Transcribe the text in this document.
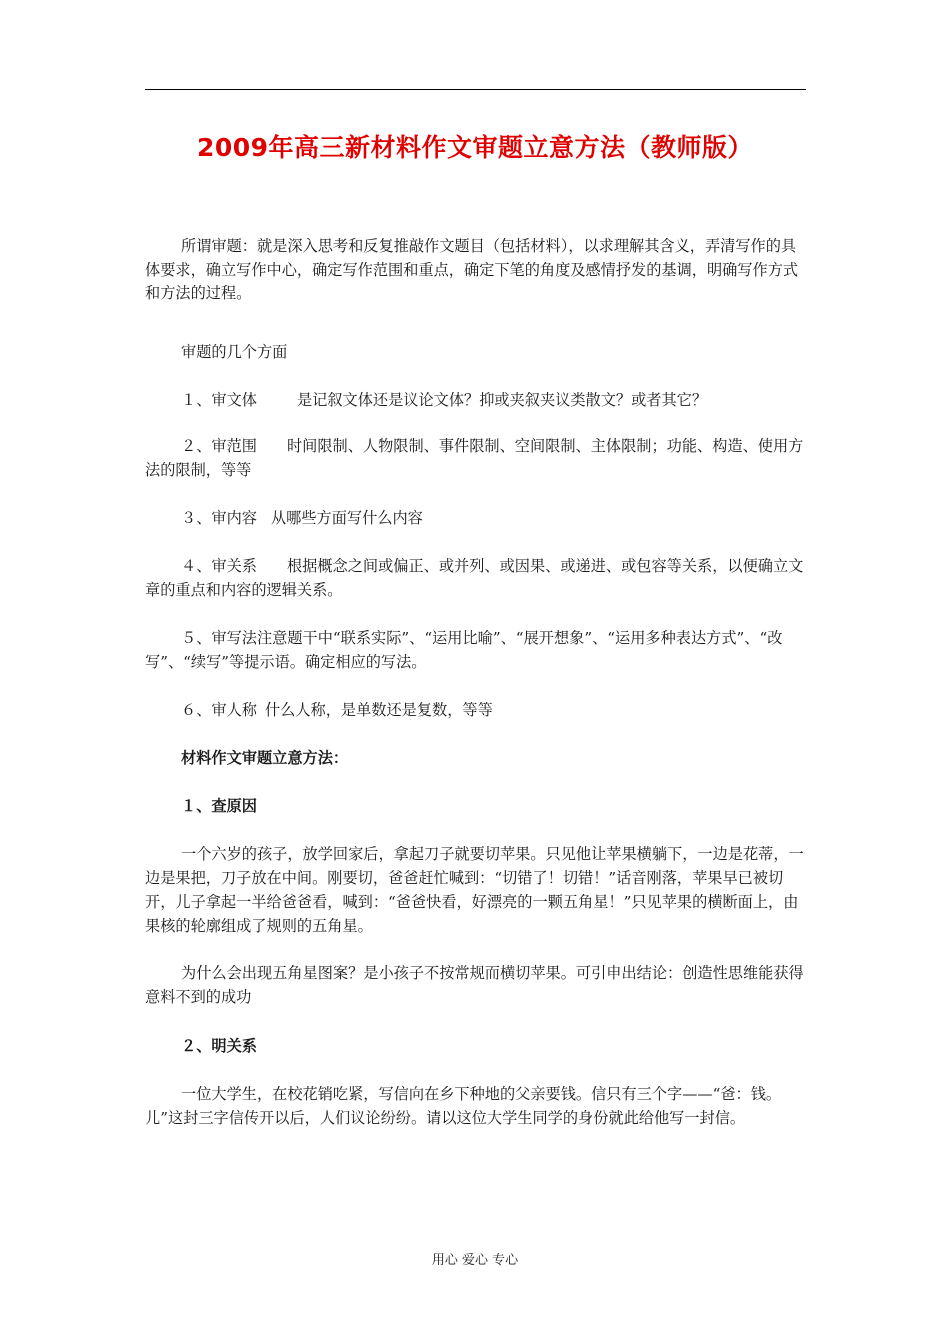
2009年高三新材料作文审题立意方法（教师版）

所谓审题：就是深入思考和反复推敲作文题目（包括材料），以求理解其含义，弄清写作的具体要求，确立写作中心，确定写作范围和重点，确定下笔的角度及感情抒发的基调，明确写作方式和方法的过程。

审题的几个方面

１、审文体	是记叙文体还是议论文体？抑或夹叙夹议类散文？或者其它？

２、审范围 时间限制、人物限制、事件限制、空间限制、主体限制；功能、构造、使用方法的限制，等等

３、审内容 从哪些方面写什么内容

４、审关系 根据概念之间或偏正、或并列、或因果、或递进、或包容等关系，以便确立文章的重点和内容的逻辑关系。

５、审写法注意题干中“联系实际”、“运用比喻”、“展开想象”、“运用多种表达方式”、“改写”、“续写”等提示语。确定相应的写法。

６、审人称 什么人称，是单数还是复数，等等

材料作文审题立意方法：

１、查原因

一个六岁的孩子，放学回家后，拿起刀子就要切苹果。只见他让苹果横躺下，一边是花蒂，一边是果把，刀子放在中间。刚要切，爸爸赶忙喊到：“切错了！切错！”话音刚落，苹果早已被切开，儿子拿起一半给爸爸看，喊到：“爸爸快看，好漂亮的一颗五角星！”只见苹果的横断面上，由果核的轮廓组成了规则的五角星。

为什么会出现五角星图案？是小孩子不按常规而横切苹果。可引申出结论：创造性思维能获得意料不到的成功

２、明关系

一位大学生，在校花销吃紧，写信向在乡下种地的父亲要钱。信只有三个字——“爸：钱。儿”这封三字信传开以后，人们议论纷纷。请以这位大学生同学的身份就此给他写一封信。

用心 爱心 专心
